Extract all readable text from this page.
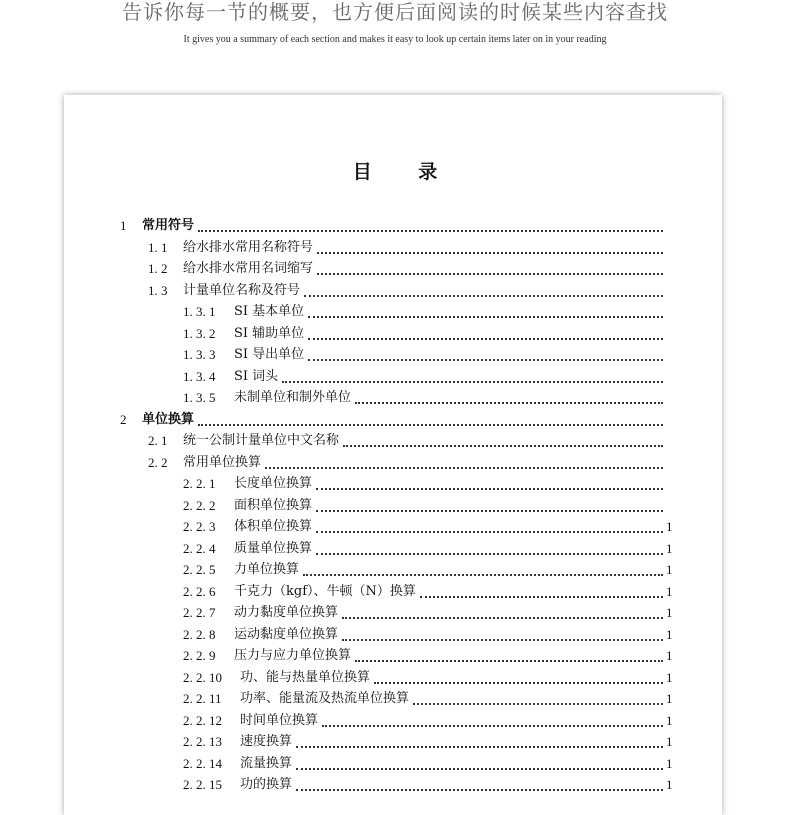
告诉你每一节的概要，也方便后面阅读的时候某些内容查找
It gives you a summary of each section and makes it easy to look up certain items later on in your reading
目 录
1	常用符号
1. 1	给水排水常用名称符号
1. 2	给水排水常用名词缩写
1. 3	计量单位名称及符号
1. 3. 1	SI 基本单位
1. 3. 2	SI 辅助单位
1. 3. 3	SI 导出单位
1. 3. 4	SI 词头
1. 3. 5	未制单位和制外单位
2	单位换算
2. 1	统一公制计量单位中文名称
2. 2	常用单位换算
2. 2. 1	长度单位换算
2. 2. 2	面积单位换算
2. 2. 3	体积单位换算	1
2. 2. 4	质量单位换算	1
2. 2. 5	力单位换算	1
2. 2. 6	千克力（kgf）、牛顿（N）换算	1
2. 2. 7	动力黏度单位换算	1
2. 2. 8	运动黏度单位换算	1
2. 2. 9	压力与应力单位换算	1
2. 2. 10	功、能与热量单位换算	1
2. 2. 11	功率、能量流及热流单位换算	1
2. 2. 12	时间单位换算	1
2. 2. 13	速度换算	1
2. 2. 14	流量换算	1
2. 2. 15	功的换算	1
